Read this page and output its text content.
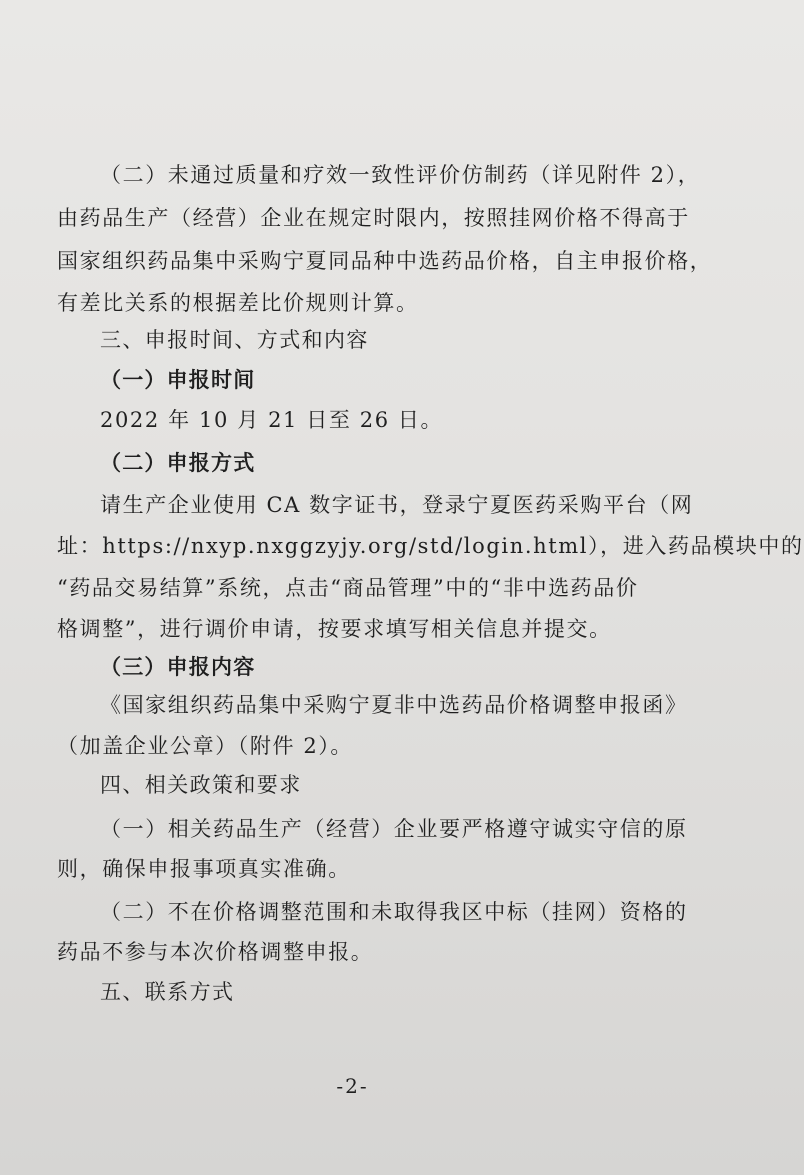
（二）未通过质量和疗效一致性评价仿制药（详见附件 2），
由药品生产（经营）企业在规定时限内，按照挂网价格不得高于
国家组织药品集中采购宁夏同品种中选药品价格，自主申报价格，
有差比关系的根据差比价规则计算。
三、申报时间、方式和内容
（一）申报时间
2022 年 10 月 21 日至 26 日。
（二）申报方式
请生产企业使用 CA 数字证书，登录宁夏医药采购平台（网
址：https://nxyp.nxggzyjy.org/std/login.html），进入药品模块中的
“药品交易结算”系统，点击“商品管理”中的“非中选药品价
格调整”，进行调价申请，按要求填写相关信息并提交。
（三）申报内容
《国家组织药品集中采购宁夏非中选药品价格调整申报函》
（加盖企业公章）（附件 2）。
四、相关政策和要求
（一）相关药品生产（经营）企业要严格遵守诚实守信的原
则，确保申报事项真实准确。
（二）不在价格调整范围和未取得我区中标（挂网）资格的
药品不参与本次价格调整申报。
五、联系方式
-2-
